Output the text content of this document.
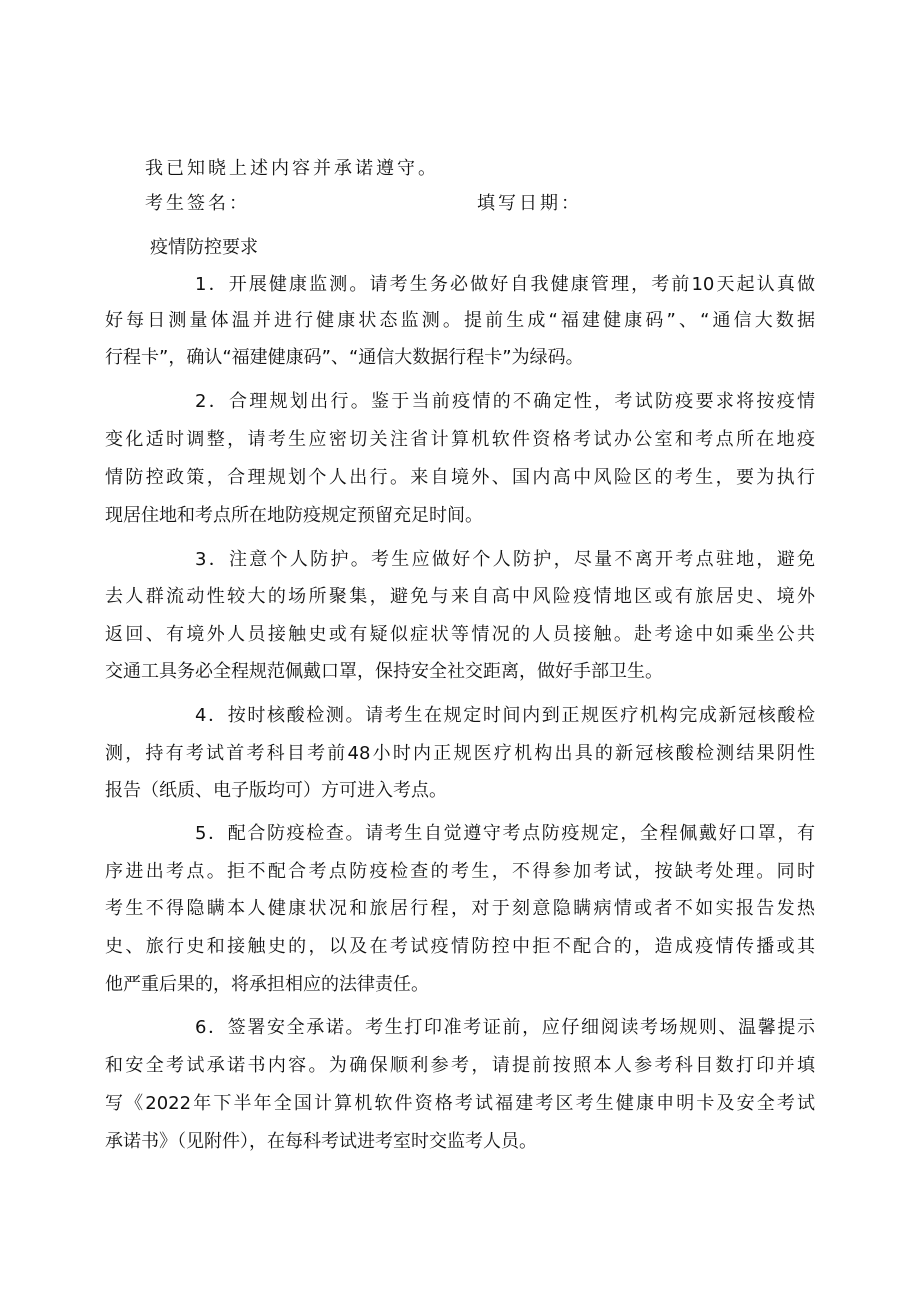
我已知晓上述内容并承诺遵守。
考生签名：	填写日期：
疫情防控要求
1．开展健康监测。请考生务必做好自我健康管理，考前10天起认真做
好每日测量体温并进行健康状态监测。提前生成“福建健康码”、“通信大数据
行程卡”，确认“福建健康码”、“通信大数据行程卡”为绿码。
2．合理规划出行。鉴于当前疫情的不确定性，考试防疫要求将按疫情
变化适时调整，请考生应密切关注省计算机软件资格考试办公室和考点所在地疫
情防控政策，合理规划个人出行。来自境外、国内高中风险区的考生，要为执行
现居住地和考点所在地防疫规定预留充足时间。
3．注意个人防护。考生应做好个人防护，尽量不离开考点驻地，避免
去人群流动性较大的场所聚集，避免与来自高中风险疫情地区或有旅居史、境外
返回、有境外人员接触史或有疑似症状等情况的人员接触。赴考途中如乘坐公共
交通工具务必全程规范佩戴口罩，保持安全社交距离，做好手部卫生。
4．按时核酸检测。请考生在规定时间内到正规医疗机构完成新冠核酸检
测，持有考试首考科目考前48小时内正规医疗机构出具的新冠核酸检测结果阴性
报告（纸质、电子版均可）方可进入考点。
5．配合防疫检查。请考生自觉遵守考点防疫规定，全程佩戴好口罩，有
序进出考点。拒不配合考点防疫检查的考生，不得参加考试，按缺考处理。同时
考生不得隐瞒本人健康状况和旅居行程，对于刻意隐瞒病情或者不如实报告发热
史、旅行史和接触史的，以及在考试疫情防控中拒不配合的，造成疫情传播或其
他严重后果的，将承担相应的法律责任。
6．签署安全承诺。考生打印准考证前，应仔细阅读考场规则、温馨提示
和安全考试承诺书内容。为确保顺利参考，请提前按照本人参考科目数打印并填
写《2022年下半年全国计算机软件资格考试福建考区考生健康申明卡及安全考试
承诺书》（见附件），在每科考试进考室时交监考人员。
